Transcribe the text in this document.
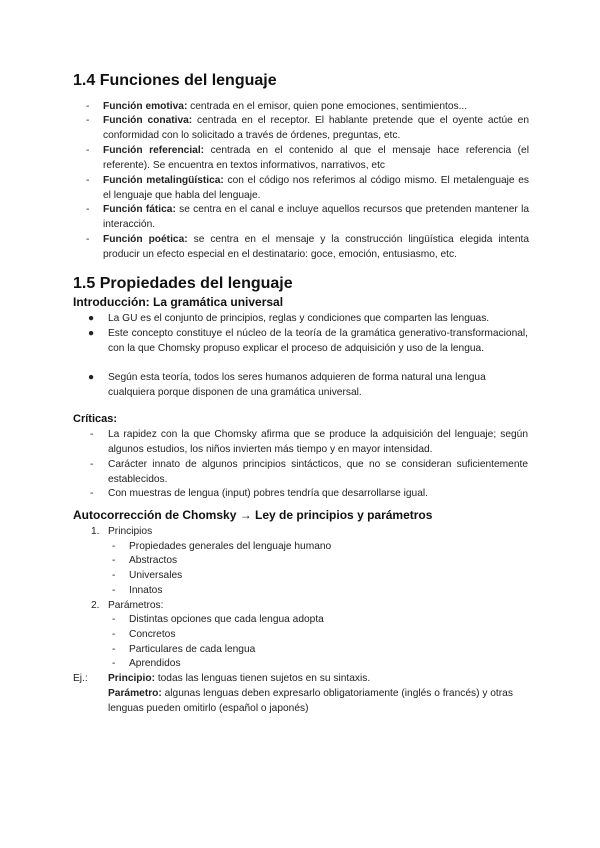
1.4 Funciones del lenguaje
- Función emotiva: centrada en el emisor, quien pone emociones, sentimientos...
- Función conativa: centrada en el receptor. El hablante pretende que el oyente actúe en conformidad con lo solicitado a través de órdenes, preguntas, etc.
- Función referencial: centrada en el contenido al que el mensaje hace referencia (el referente). Se encuentra en textos informativos, narrativos, etc
- Función metalingüística: con el código nos referimos al código mismo. El metalenguaje es el lenguaje que habla del lenguaje.
- Función fática: se centra en el canal e incluye aquellos recursos que pretenden mantener la interacción.
- Función poética: se centra en el mensaje y la construcción lingüística elegida intenta producir un efecto especial en el destinatario: goce, emoción, entusiasmo, etc.
1.5 Propiedades del lenguaje
Introducción: La gramática universal
● La GU es el conjunto de principios, reglas y condiciones que comparten las lenguas.
● Este concepto constituye el núcleo de la teoría de la gramática generativo-transformacional, con la que Chomsky propuso explicar el proceso de adquisición y uso de la lengua.
● Según esta teoría, todos los seres humanos adquieren de forma natural una lengua cualquiera porque disponen de una gramática universal.
Críticas:
- La rapidez con la que Chomsky afirma que se produce la adquisición del lenguaje; según algunos estudios, los niños invierten más tiempo y en mayor intensidad.
- Carácter innato de algunos principios sintácticos, que no se consideran suficientemente establecidos.
- Con muestras de lengua (input) pobres tendría que desarrollarse igual.
Autocorrección de Chomsky → Ley de principios y parámetros
1. Principios
- Propiedades generales del lenguaje humano
- Abstractos
- Universales
- Innatos
2. Parámetros:
- Distintas opciones que cada lengua adopta
- Concretos
- Particulares de cada lengua
- Aprendidos
Ej.: Principio: todas las lenguas tienen sujetos en su sintaxis.
Parámetro: algunas lenguas deben expresarlo obligatoriamente (inglés o francés) y otras lenguas pueden omitirlo (español o japonés)
